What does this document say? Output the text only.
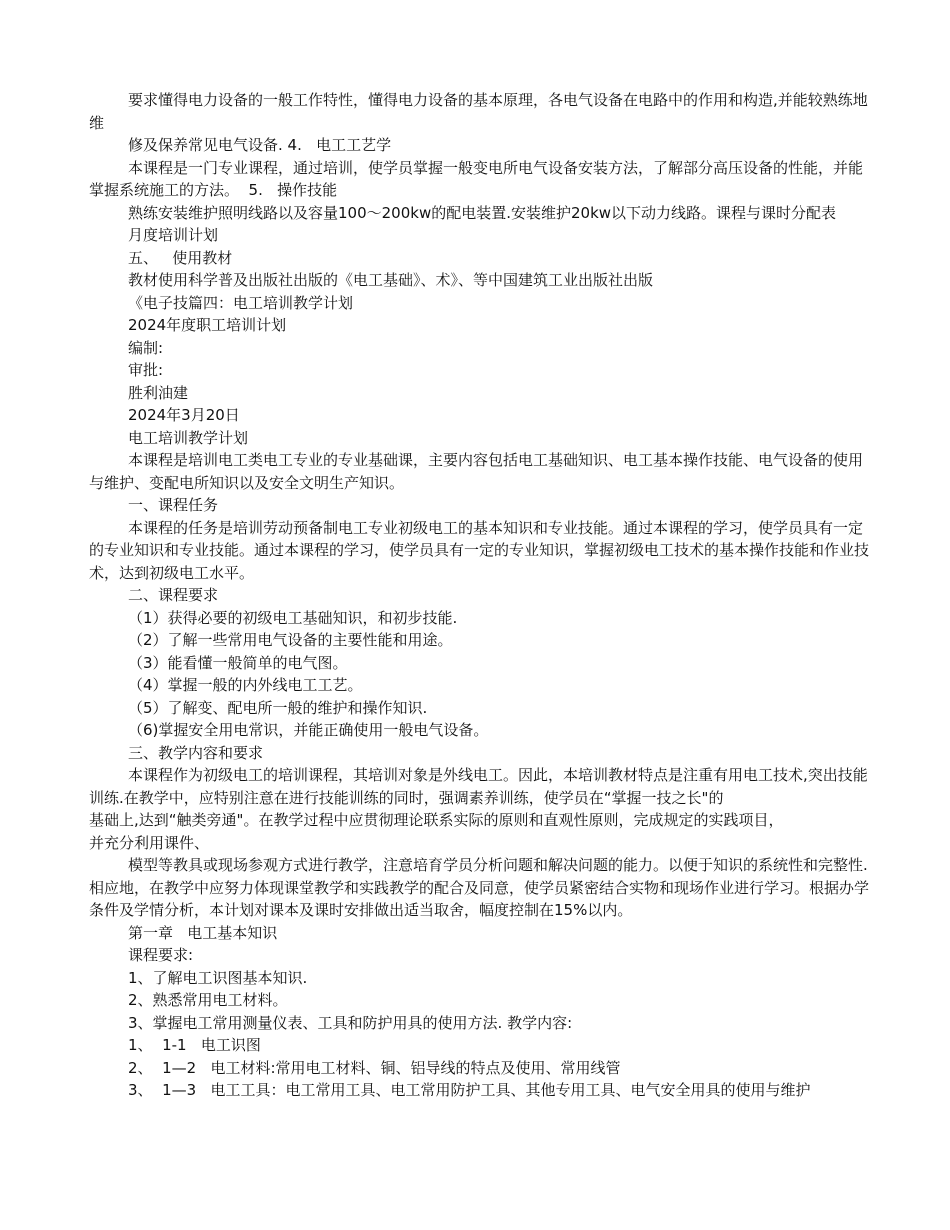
要求懂得电力设备的一般工作特性，懂得电力设备的基本原理，各电气设备在电路中的作用和构造,并能较熟练地维

修及保养常见电气设备. 4.   电工工艺学

本课程是一门专业课程，通过培训，使学员掌握一般变电所电气设备安装方法，了解部分高压设备的性能，并能掌握系统施工的方法。  5.   操作技能

熟练安装维护照明线路以及容量100～200kw的配电装置.安装维护20kw以下动力线路。课程与课时分配表

月度培训计划

五、   使用教材

教材使用科学普及出版社出版的《电工基础》、术》、等中国建筑工业出版社出版

《电子技篇四：电工培训教学计划

2024年度职工培训计划

编制:

审批:

胜利油建

2024年3月20日

电工培训教学计划

本课程是培训电工类电工专业的专业基础课，主要内容包括电工基础知识、电工基本操作技能、电气设备的使用与维护、变配电所知识以及安全文明生产知识。

一、课程任务

本课程的任务是培训劳动预备制电工专业初级电工的基本知识和专业技能。通过本课程的学习，使学员具有一定的专业知识和专业技能。通过本课程的学习，使学员具有一定的专业知识，掌握初级电工技术的基本操作技能和作业技术，达到初级电工水平。

二、课程要求

（1）获得必要的初级电工基础知识，和初步技能.

（2）了解一些常用电气设备的主要性能和用途。

（3）能看懂一般简单的电气图。

（4）掌握一般的内外线电工工艺。

（5）了解变、配电所一般的维护和操作知识.

（6)掌握安全用电常识，并能正确使用一般电气设备。

三、教学内容和要求

本课程作为初级电工的培训课程，其培训对象是外线电工。因此，本培训教材特点是注重有用电工技术,突出技能训练.在教学中，应特别注意在进行技能训练的同时，强调素养训练，使学员在“掌握一技之长"的

基础上,达到“触类旁通"。在教学过程中应贯彻理论联系实际的原则和直观性原则，完成规定的实践项目，

并充分利用课件、

模型等教具或现场参观方式进行教学，注意培育学员分析问题和解决问题的能力。以便于知识的系统性和完整性.相应地，在教学中应努力体现课堂教学和实践教学的配合及同意，使学员紧密结合实物和现场作业进行学习。根据办学条件及学情分析，本计划对课本及课时安排做出适当取舍，幅度控制在15%以内。

第一章   电工基本知识

课程要求:

1、了解电工识图基本知识.

2、熟悉常用电工材料。

3、掌握电工常用测量仪表、工具和防护用具的使用方法. 教学内容:

1、  1-1   电工识图

2、  1—2   电工材料:常用电工材料、铜、铝导线的特点及使用、常用线管

3、  1—3   电工工具：电工常用工具、电工常用防护工具、其他专用工具、电气安全用具的使用与维护
